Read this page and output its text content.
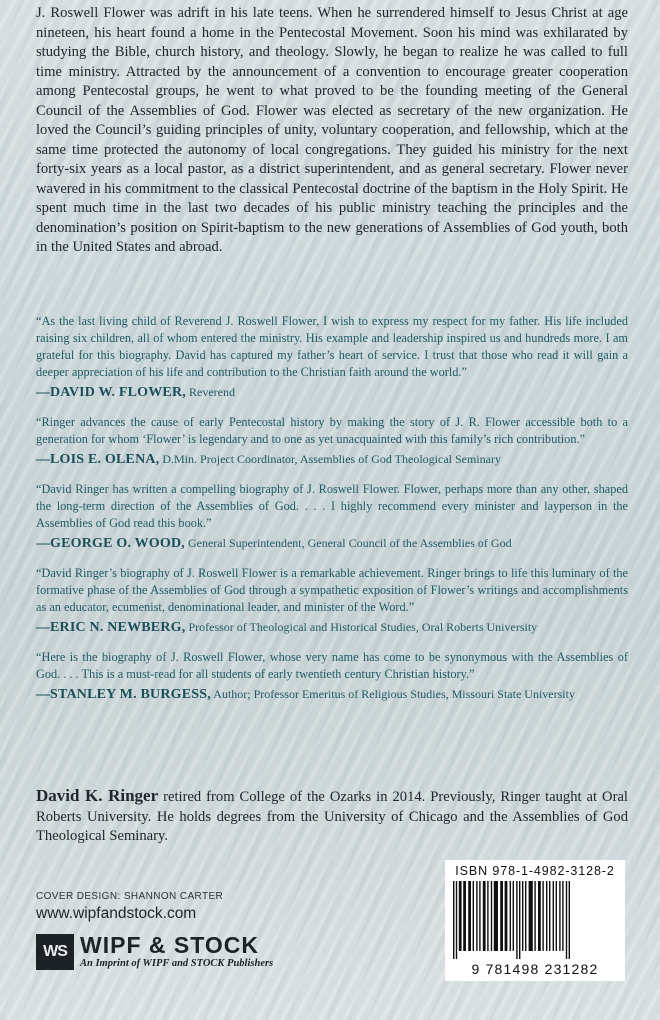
J. Roswell Flower was adrift in his late teens. When he surrendered himself to Jesus Christ at age nineteen, his heart found a home in the Pentecostal Movement. Soon his mind was exhilarated by studying the Bible, church history, and theology. Slowly, he began to realize he was called to full time ministry. Attracted by the announcement of a convention to encourage greater cooperation among Pentecostal groups, he went to what proved to be the founding meeting of the General Council of the Assemblies of God. Flower was elected as secretary of the new organization. He loved the Council’s guiding principles of unity, voluntary cooperation, and fellowship, which at the same time protected the autonomy of local congregations. They guided his ministry for the next forty-six years as a local pastor, as a district superintendent, and as general secretary. Flower never wavered in his commitment to the classical Pentecostal doctrine of the baptism in the Holy Spirit. He spent much time in the last two decades of his public ministry teaching the principles and the denomination’s position on Spirit-baptism to the new generations of Assemblies of God youth, both in the United States and abroad.

“As the last living child of Reverend J. Roswell Flower, I wish to express my respect for my father. His life included raising six children, all of whom entered the ministry. His example and leadership inspired us and hundreds more. I am grateful for this biography. David has captured my father’s heart of service. I trust that those who read it will gain a deeper appreciation of his life and contribution to the Christian faith around the world.”

—DAVID W. FLOWER, Reverend

“Ringer advances the cause of early Pentecostal history by making the story of J. R. Flower accessible both to a generation for whom ‘Flower’ is legendary and to one as yet unacquainted with this family’s rich contribution.”

—LOIS E. OLENA, D.Min. Project Coordinator, Assemblies of God Theological Seminary

“David Ringer has written a compelling biography of J. Roswell Flower. Flower, perhaps more than any other, shaped the long-term direction of the Assemblies of God. . . . I highly recommend every minister and layperson in the Assemblies of God read this book.”

—GEORGE O. WOOD, General Superintendent, General Council of the Assemblies of God

“David Ringer’s biography of J. Roswell Flower is a remarkable achievement. Ringer brings to life this luminary of the formative phase of the Assemblies of God through a sympathetic exposition of Flower’s writings and accomplishments as an educator, ecumenist, denominational leader, and minister of the Word.”

—ERIC N. NEWBERG, Professor of Theological and Historical Studies, Oral Roberts University

“Here is the biography of J. Roswell Flower, whose very name has come to be synonymous with the Assemblies of God. . . . This is a must-read for all students of early twentieth century Christian history.”

—STANLEY M. BURGESS, Author; Professor Emeritus of Religious Studies, Missouri State University

David K. Ringer retired from College of the Ozarks in 2014. Previously, Ringer taught at Oral Roberts University. He holds degrees from the University of Chicago and the Assemblies of God Theological Seminary.

COVER DESIGN: SHANNON CARTER
www.wipfandstock.com
WS WIPF & STOCK
An Imprint of WIPF and STOCK Publishers
ISBN 978-1-4982-3128-2
9 781498 231282
